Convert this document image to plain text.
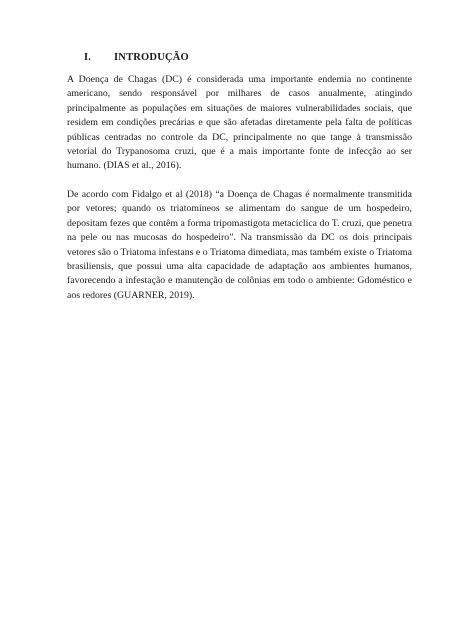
I. INTRODUÇÃO

A Doença de Chagas (DC) é considerada uma importante endemia no continente americano, sendo responsável por milhares de casos anualmente, atingindo principalmente as populações em situações de maiores vulnerabilidades sociais, que residem em condições precárias e que são afetadas diretamente pela falta de políticas públicas centradas no controle da DC, principalmente no que tange à transmissão vetorial do Trypanosoma cruzi, que é a mais importante fonte de infecção ao ser humano. (DIAS et al., 2016).

De acordo com Fidalgo et al (2018) “a Doença de Chagas é normalmente transmitida por vetores; quando os triatomíneos se alimentam do sangue de um hospedeiro, depositam fezes que contêm a forma tripomastigota metacíclica do T. cruzi, que penetra na pele ou nas mucosas do hospedeiro”. Na transmissão da DC os dois principais vetores são o Triatoma infestans e o Triatoma dimediata, mas também existe o Triatoma brasiliensis, que possui uma alta capacidade de adaptação aos ambientes humanos, favorecendo a infestação e manutenção de colônias em todo o ambiente: Gdoméstico e aos redores (GUARNER, 2019).
